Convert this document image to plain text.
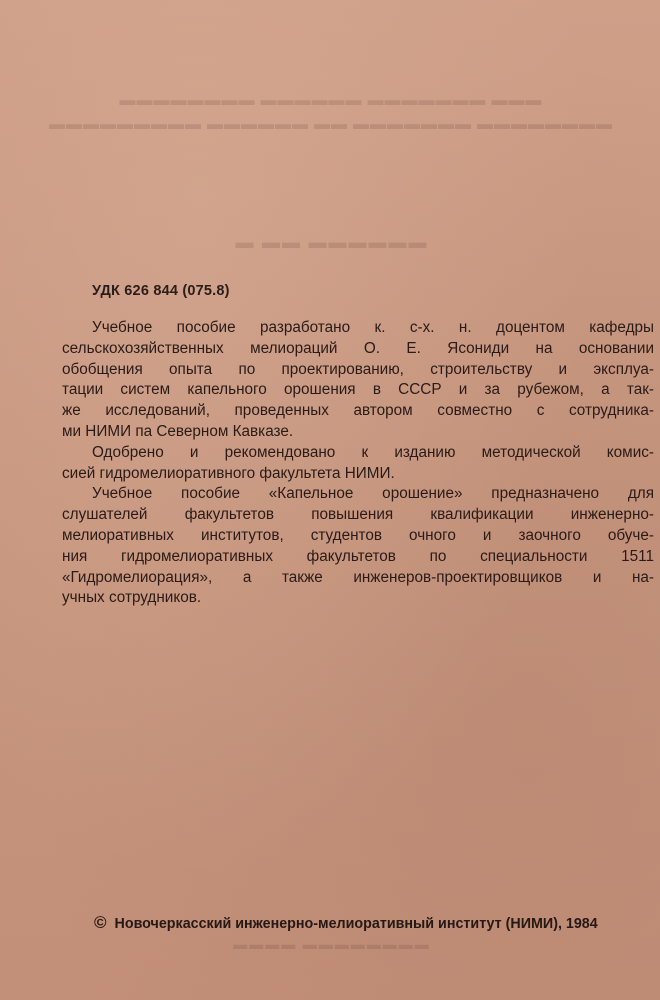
▬▬▬ ▬▬▬▬▬▬▬ ▬▬▬▬▬▬ ▬▬▬▬▬▬▬▬
▬▬▬▬▬▬▬▬ ▬▬▬▬▬▬▬ ▬▬ ▬▬▬▬▬▬ ▬▬▬▬▬▬▬▬▬
▬▬▬▬▬▬ ▬▬ ▬
▬▬▬▬▬▬▬▬ ▬▬▬▬
УДК 626 844 (075.8)
Учебное пособие разработано к. с-х. н. доцентом кафедры
сельскохозяйственных мелиораций О. Е. Ясониди на основании
обобщения опыта по проектированию, строительству и эксплуа-
тации систем капельного орошения в СССР и за рубежом, а так-
же исследований, проведенных автором совместно с сотрудника-
ми НИМИ па Северном Кавказе.
Одобрено и рекомендовано к изданию методической комис-
сией гидромелиоративного факультета НИМИ.
Учебное пособие «Капельное орошение» предназначено для
слушателей факультетов повышения квалификации инженерно-
мелиоративных институтов, студентов очного и заочного обуче-
ния гидромелиоративных факультетов по специальности 1511
«Гидромелиорация», а также инженеров-проектировщиков и на-
учных сотрудников.
© Новочеркасский инженерно-мелиоративный институт (НИМИ), 1984
